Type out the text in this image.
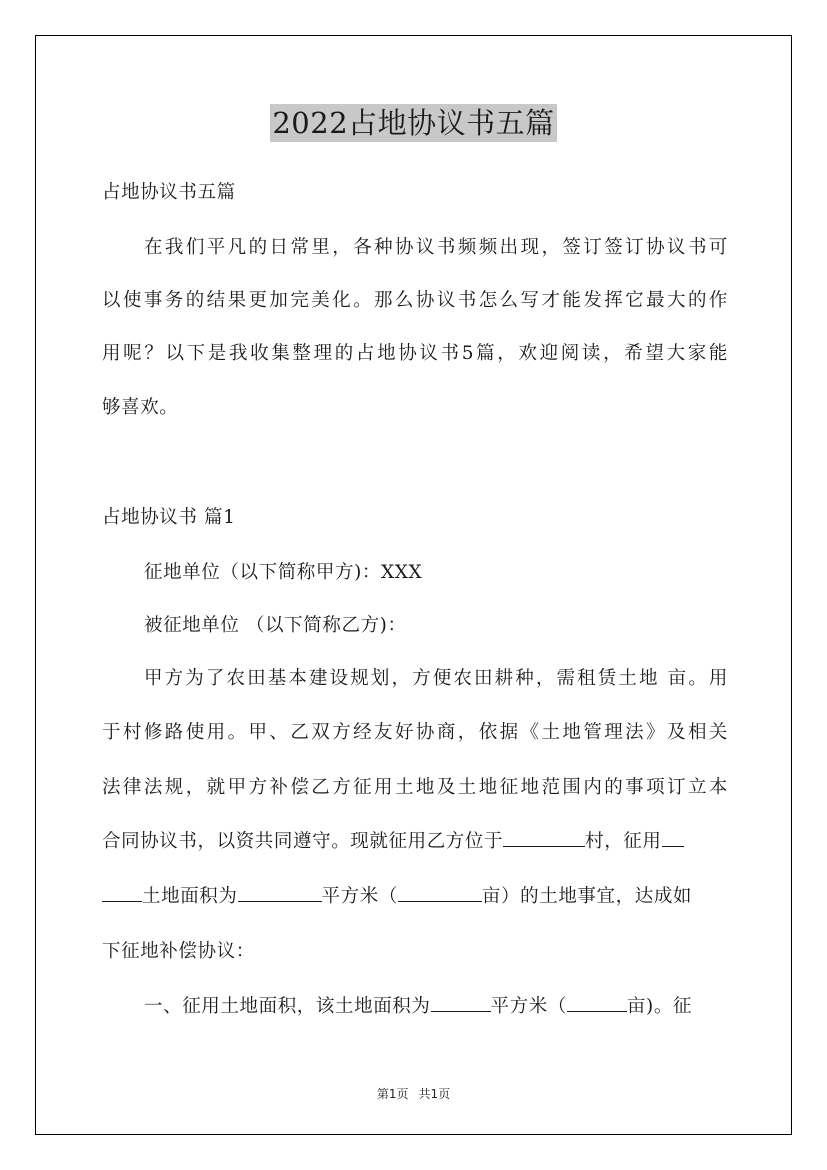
2022占地协议书五篇
占地协议书五篇
在我们平凡的日常里，各种协议书频频出现，签订签订协议书可
以使事务的结果更加完美化。那么协议书怎么写才能发挥它最大的作
用呢？以下是我收集整理的占地协议书5篇，欢迎阅读，希望大家能
够喜欢。
占地协议书 篇1
征地单位（以下简称甲方)：XXX
被征地单位 （以下简称乙方)：
甲方为了农田基本建设规划，方便农田耕种，需租赁土地 亩。用
于村修路使用。甲、乙双方经友好协商，依据《土地管理法》及相关
法律法规，就甲方补偿乙方征用土地及土地征地范围内的事项订立本
合同协议书，以资共同遵守。现就征用乙方位于	村，征用
土地面积为	平方米（	亩）的土地事宜，达成如
下征地补偿协议：
一、征用土地面积，该土地面积为	平方米（	亩)。征
第1页 共1页
